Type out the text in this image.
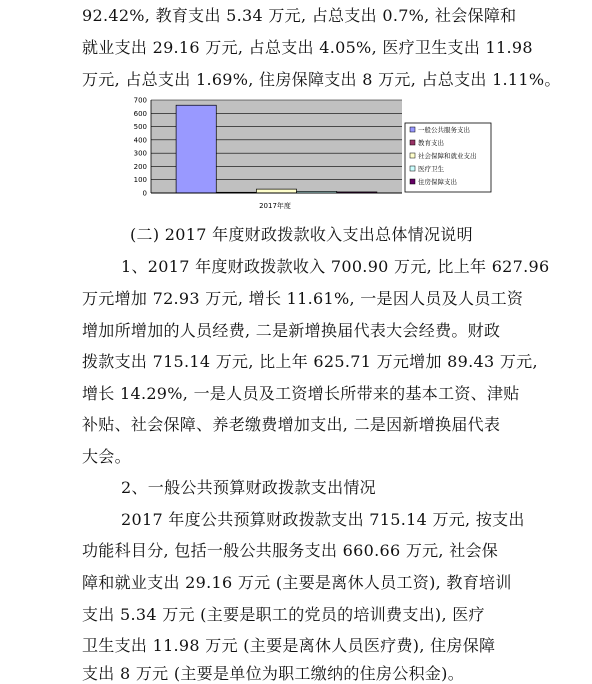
92.42%, 教育支出 5.34 万元, 占总支出 0.7%, 社会保障和
就业支出 29.16 万元, 占总支出 4.05%, 医疗卫生支出 11.98
万元, 占总支出 1.69%, 住房保障支出 8 万元, 占总支出 1.11%。
0
100
200
300
400
500
600
700
2017年度
一般公共服务支出
教育支出
社会保障和就业支出
医疗卫生
住房保障支出
(二) 2017 年度财政拨款收入支出总体情况说明
1、2017 年度财政拨款收入 700.90 万元, 比上年 627.96
万元增加 72.93 万元, 增长 11.61%, 一是因人员及人员工资
增加所增加的人员经费, 二是新增换届代表大会经费。财政
拨款支出 715.14 万元, 比上年 625.71 万元增加 89.43 万元,
增长 14.29%, 一是人员及工资增长所带来的基本工资、津贴
补贴、社会保障、养老缴费增加支出, 二是因新增换届代表
大会。
2、一般公共预算财政拨款支出情况
2017 年度公共预算财政拨款支出 715.14 万元, 按支出
功能科目分, 包括一般公共服务支出 660.66 万元, 社会保
障和就业支出 29.16 万元 (主要是离休人员工资), 教育培训
支出 5.34 万元 (主要是职工的党员的培训费支出), 医疗
卫生支出 11.98 万元 (主要是离休人员医疗费), 住房保障
支出 8 万元 (主要是单位为职工缴纳的住房公积金)。
